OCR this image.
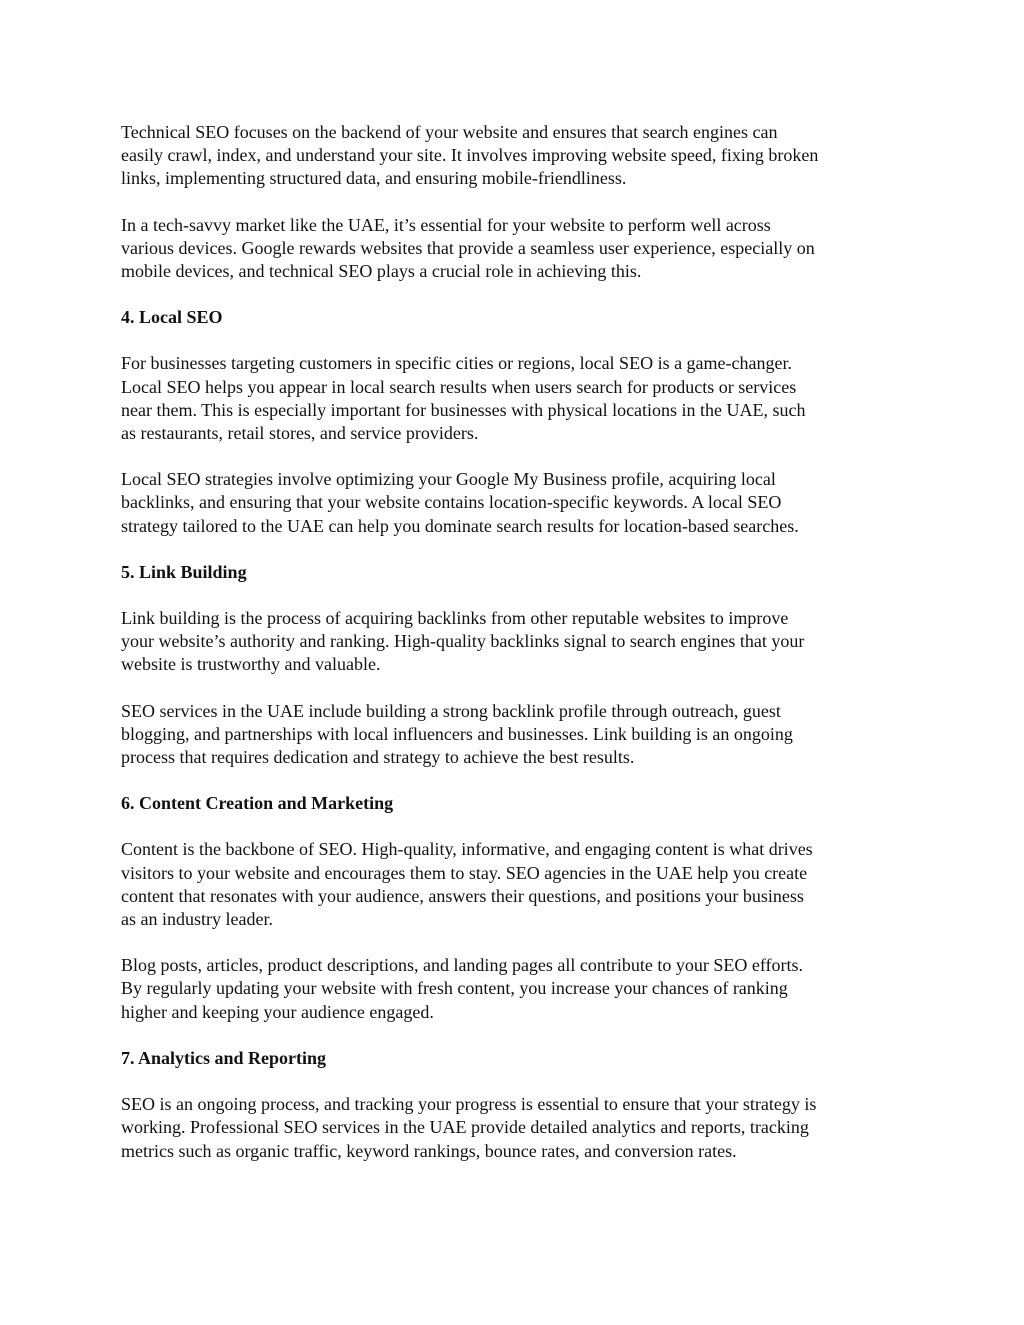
Technical SEO focuses on the backend of your website and ensures that search engines can
easily crawl, index, and understand your site. It involves improving website speed, fixing broken
links, implementing structured data, and ensuring mobile-friendliness.

In a tech-savvy market like the UAE, it’s essential for your website to perform well across
various devices. Google rewards websites that provide a seamless user experience, especially on
mobile devices, and technical SEO plays a crucial role in achieving this.

4. Local SEO

For businesses targeting customers in specific cities or regions, local SEO is a game-changer.
Local SEO helps you appear in local search results when users search for products or services
near them. This is especially important for businesses with physical locations in the UAE, such
as restaurants, retail stores, and service providers.

Local SEO strategies involve optimizing your Google My Business profile, acquiring local
backlinks, and ensuring that your website contains location-specific keywords. A local SEO
strategy tailored to the UAE can help you dominate search results for location-based searches.

5. Link Building

Link building is the process of acquiring backlinks from other reputable websites to improve
your website’s authority and ranking. High-quality backlinks signal to search engines that your
website is trustworthy and valuable.

SEO services in the UAE include building a strong backlink profile through outreach, guest
blogging, and partnerships with local influencers and businesses. Link building is an ongoing
process that requires dedication and strategy to achieve the best results.

6. Content Creation and Marketing

Content is the backbone of SEO. High-quality, informative, and engaging content is what drives
visitors to your website and encourages them to stay. SEO agencies in the UAE help you create
content that resonates with your audience, answers their questions, and positions your business
as an industry leader.

Blog posts, articles, product descriptions, and landing pages all contribute to your SEO efforts.
By regularly updating your website with fresh content, you increase your chances of ranking
higher and keeping your audience engaged.

7. Analytics and Reporting

SEO is an ongoing process, and tracking your progress is essential to ensure that your strategy is
working. Professional SEO services in the UAE provide detailed analytics and reports, tracking
metrics such as organic traffic, keyword rankings, bounce rates, and conversion rates.
